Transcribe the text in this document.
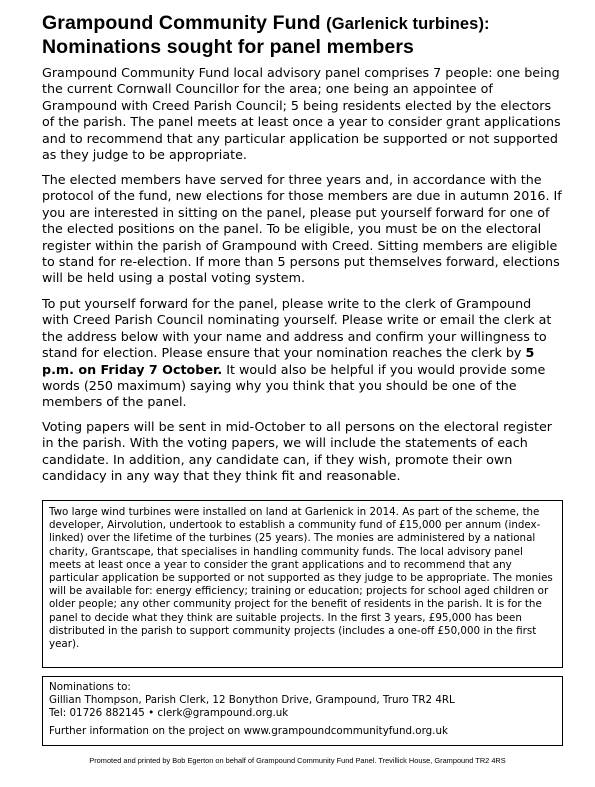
Grampound Community Fund (Garlenick turbines):
Nominations sought for panel members
Grampound Community Fund local advisory panel comprises 7 people: one being the current Cornwall Councillor for the area; one being an appointee of Grampound with Creed Parish Council; 5 being residents elected by the electors of the parish. The panel meets at least once a year to consider grant applications and to recommend that any particular application be supported or not supported as they judge to be appropriate.
The elected members have served for three years and, in accordance with the protocol of the fund, new elections for those members are due in autumn 2016. If you are interested in sitting on the panel, please put yourself forward for one of the elected positions on the panel. To be eligible, you must be on the electoral register within the parish of Grampound with Creed. Sitting members are eligible to stand for re-election. If more than 5 persons put themselves forward, elections will be held using a postal voting system.
To put yourself forward for the panel, please write to the clerk of Grampound with Creed Parish Council nominating yourself. Please write or email the clerk at the address below with your name and address and confirm your willingness to stand for election. Please ensure that your nomination reaches the clerk by 5 p.m. on Friday 7 October. It would also be helpful if you would provide some words (250 maximum) saying why you think that you should be one of the members of the panel.
Voting papers will be sent in mid-October to all persons on the electoral register in the parish. With the voting papers, we will include the statements of each candidate. In addition, any candidate can, if they wish, promote their own candidacy in any way that they think fit and reasonable.
Two large wind turbines were installed on land at Garlenick in 2014. As part of the scheme, the developer, Airvolution, undertook to establish a community fund of £15,000 per annum (index-linked) over the lifetime of the turbines (25 years). The monies are administered by a national charity, Grantscape, that specialises in handling community funds. The local advisory panel meets at least once a year to consider the grant applications and to recommend that any particular application be supported or not supported as they judge to be appropriate. The monies will be available for: energy efficiency; training or education; projects for school aged children or older people; any other community project for the benefit of residents in the parish. It is for the panel to decide what they think are suitable projects. In the first 3 years, £95,000 has been distributed in the parish to support community projects (includes a one-off £50,000 in the first year).
Nominations to:
Gillian Thompson, Parish Clerk, 12 Bonython Drive, Grampound, Truro TR2 4RL
Tel: 01726 882145 • clerk@grampound.org.uk
Further information on the project on www.grampoundcommunityfund.org.uk
Promoted and printed by Bob Egerton on behalf of Grampound Community Fund Panel. Trevillick House, Grampound TR2 4RS
